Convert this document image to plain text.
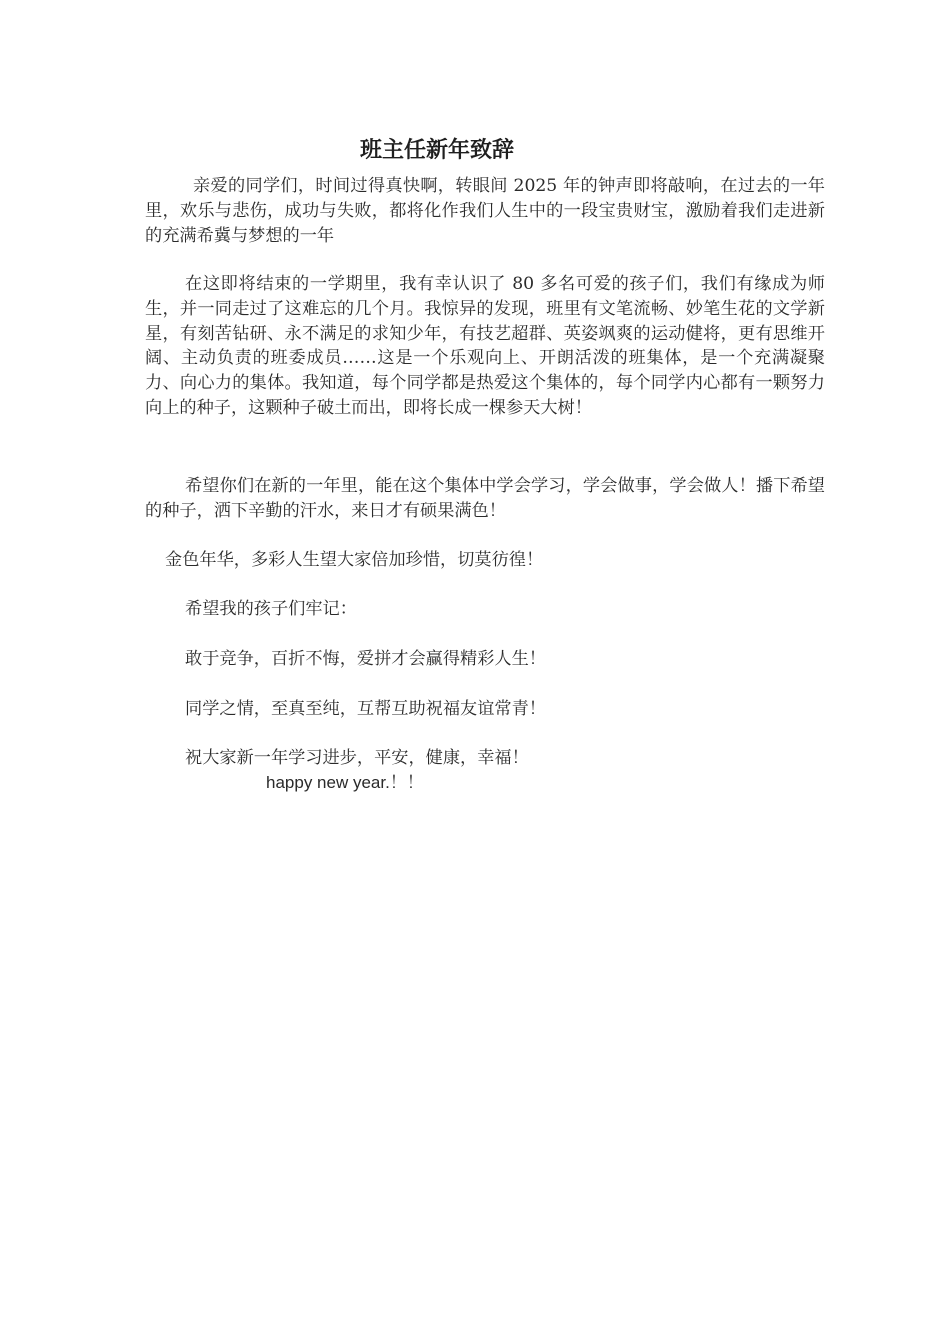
班主任新年致辞

亲爱的同学们，时间过得真快啊，转眼间 2025 年的钟声即将敲响，在过去的一年里，欢乐与悲伤，成功与失败，都将化作我们人生中的一段宝贵财宝，激励着我们走进新的充满希冀与梦想的一年

在这即将结束的一学期里，我有幸认识了 80 多名可爱的孩子们，我们有缘成为师生，并一同走过了这难忘的几个月。我惊异的发现，班里有文笔流畅、妙笔生花的文学新星，有刻苦钻研、永不满足的求知少年，有技艺超群、英姿飒爽的运动健将，更有思维开阔、主动负责的班委成员……这是一个乐观向上、开朗活泼的班集体，是一个充满凝聚力、向心力的集体。我知道，每个同学都是热爱这个集体的，每个同学内心都有一颗努力向上的种子，这颗种子破土而出，即将长成一棵参天大树！

希望你们在新的一年里，能在这个集体中学会学习，学会做事，学会做人！播下希望的种子，洒下辛勤的汗水，来日才有硕果满色！

金色年华，多彩人生望大家倍加珍惜，切莫彷徨！

希望我的孩子们牢记：

敢于竞争，百折不悔，爱拼才会赢得精彩人生！

同学之情，至真至纯，互帮互助祝福友谊常青！

祝大家新一年学习进步，平安，健康，幸福！

happy new year.！！
